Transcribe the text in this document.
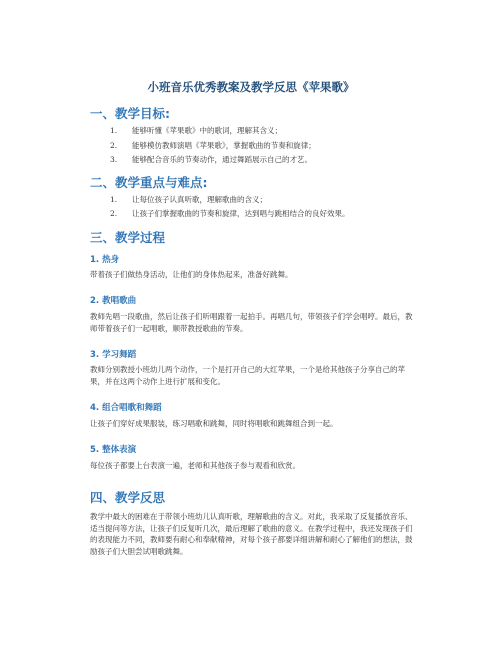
小班音乐优秀教案及教学反思《苹果歌》
一、教学目标:
1. 能够听懂《苹果歌》中的歌词，理解其含义；
2. 能够模仿教师演唱《苹果歌》，掌握歌曲的节奏和旋律；
3. 能够配合音乐的节奏动作，通过舞蹈展示自己的才艺。
二、教学重点与难点:
1. 让每位孩子认真听歌，理解歌曲的含义；
2. 让孩子们掌握歌曲的节奏和旋律，达到唱与跳相结合的良好效果。
三、教学过程
1. 热身
带着孩子们做热身活动，让他们的身体热起来，准备好跳舞。
2. 教唱歌曲
教师先唱一段歌曲，然后让孩子们听唱跟着一起拍手。再唱几句，带领孩子们学会唱哼。最后，教师带着孩子们一起唱歌，顺带教授歌曲的节奏。
3. 学习舞蹈
教师分别教授小班幼儿两个动作，一个是打开自己的大红苹果，一个是给其他孩子分享自己的苹果，并在这两个动作上进行扩展和变化。
4. 组合唱歌和舞蹈
让孩子们穿好成果服装，练习唱歌和跳舞，同时将唱歌和跳舞组合到一起。
5. 整体表演
每位孩子都要上台表演一遍，老师和其他孩子参与观看和欣赏。
四、教学反思
教学中最大的困难在于带领小班幼儿认真听歌，理解歌曲的含义。对此，我采取了反复播放音乐、适当提问等方法，让孩子们反复听几次，最后理解了歌曲的意义。在教学过程中，我还发现孩子们的表现能力不同，教师要有耐心和奉献精神，对每个孩子都要详细讲解和耐心了解他们的想法，鼓励孩子们大胆尝试唱歌跳舞。
